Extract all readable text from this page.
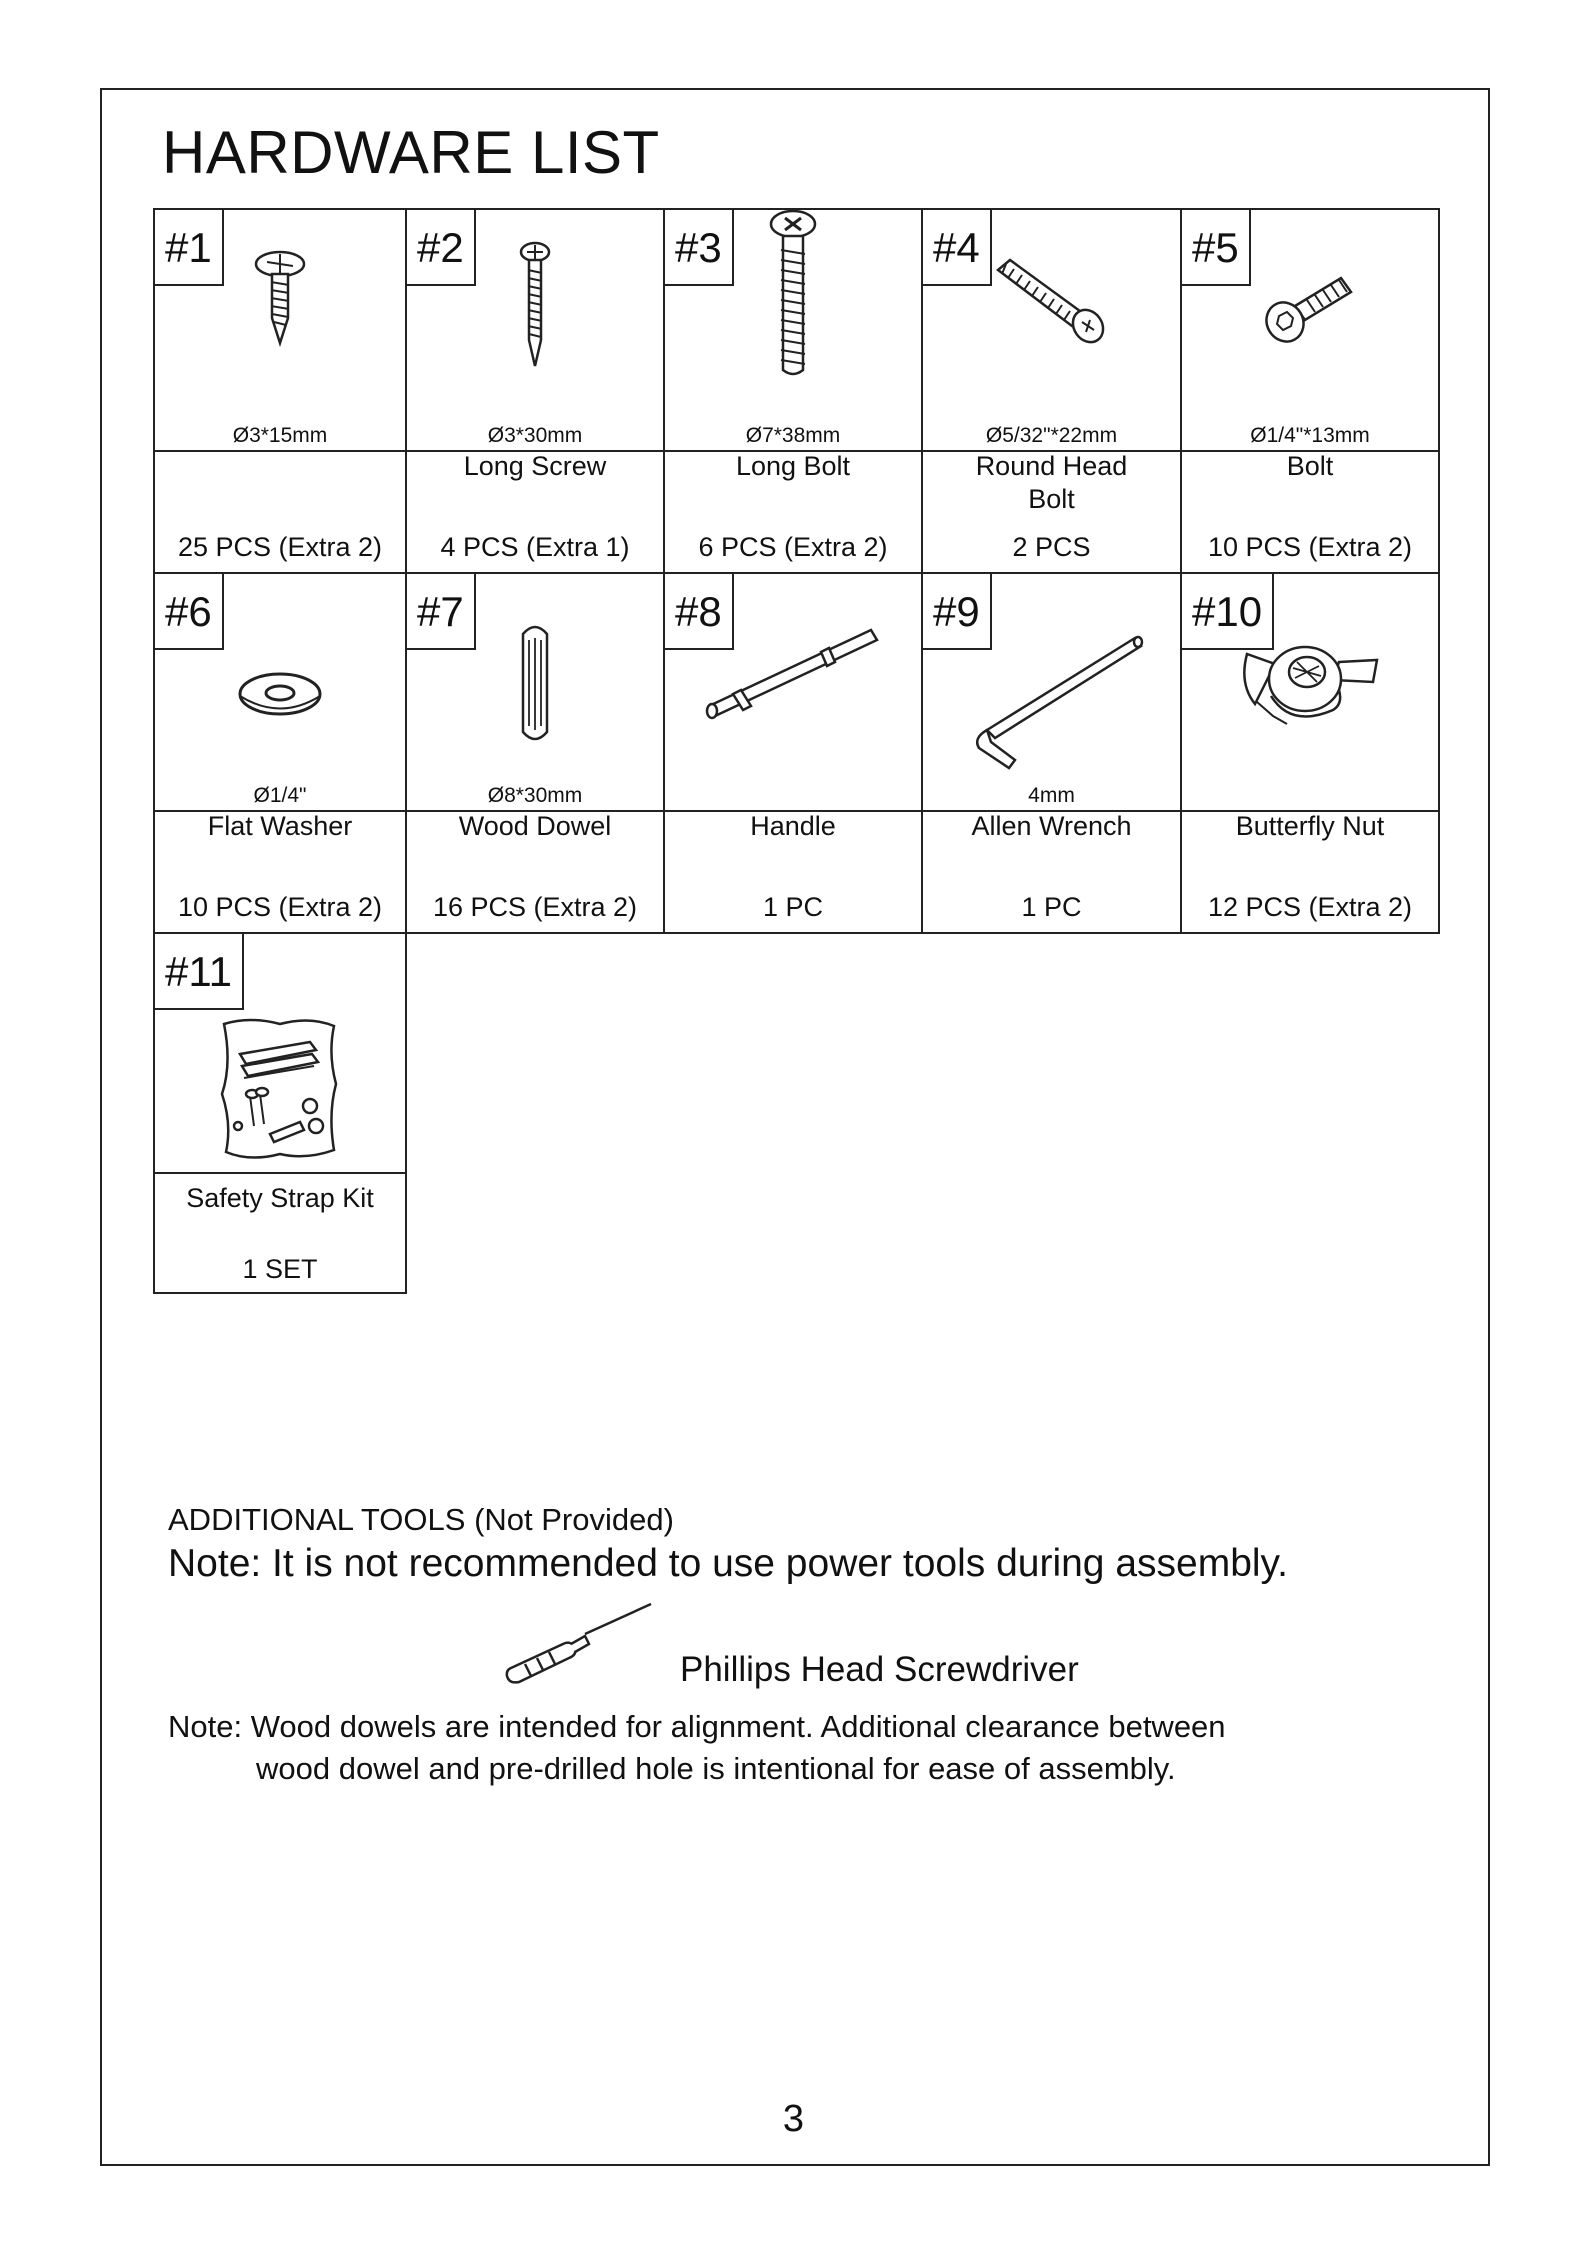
HARDWARE LIST
#1
Ø3*15mm
25 PCS (Extra 2)
#2
Ø3*30mm
Long Screw
4 PCS (Extra 1)
#3
Ø7*38mm
Long Bolt
6 PCS (Extra 2)
#4
Ø5/32"*22mm
Round Head
Bolt
2 PCS
#5
Ø1/4"*13mm
Bolt
10 PCS (Extra 2)
#6
Ø1/4"
Flat Washer
10 PCS (Extra 2)
#7
Ø8*30mm
Wood Dowel
16 PCS (Extra 2)
#8
Handle
1 PC
#9
4mm
Allen Wrench
1 PC
#10
Butterfly Nut
12 PCS (Extra 2)
#11
Safety Strap Kit
1 SET
ADDITIONAL TOOLS (Not Provided)
Note: It is not recommended to use power tools during assembly.
Phillips Head Screwdriver
Note: Wood dowels are intended for alignment. Additional clearance between
wood dowel and pre-drilled hole is intentional for ease of assembly.
3
